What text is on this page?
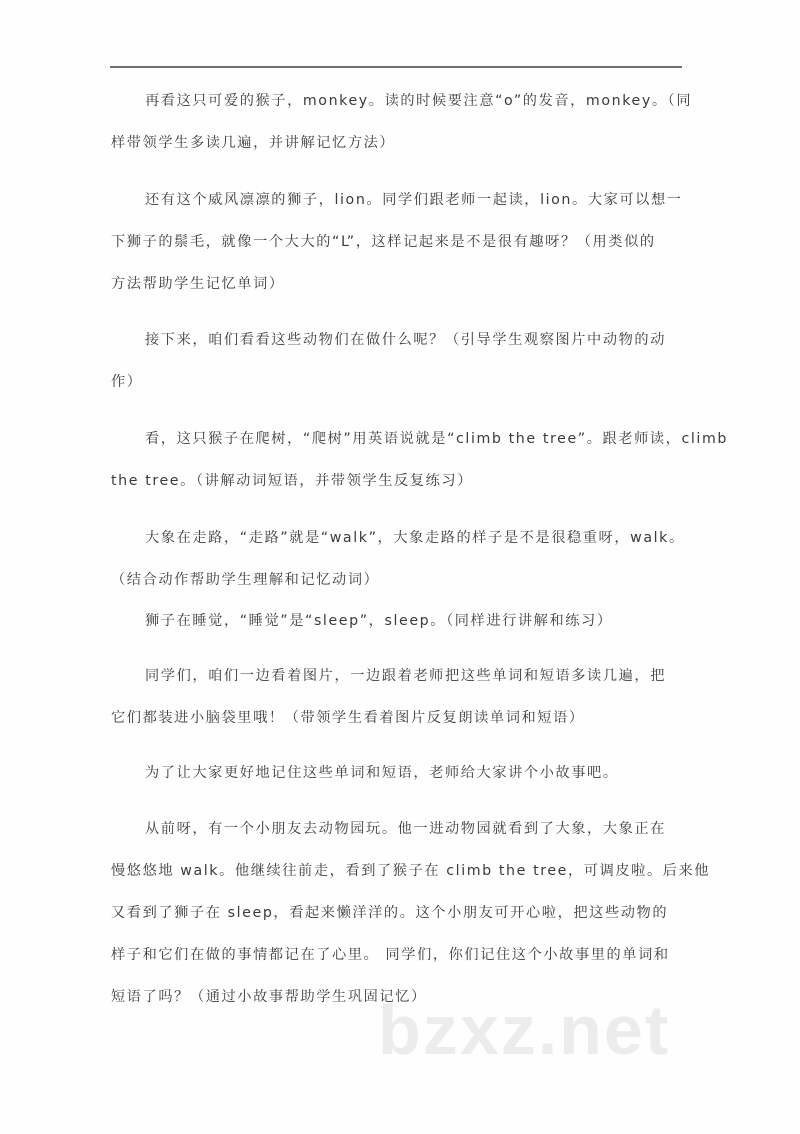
再看这只可爱的猴子，monkey。读的时候要注意“o”的发音，monkey。（同
样带领学生多读几遍，并讲解记忆方法）
还有这个威风凛凛的狮子，lion。同学们跟老师一起读，lion。大家可以想一
下狮子的鬃毛，就像一个大大的“L”，这样记起来是不是很有趣呀？（用类似的
方法帮助学生记忆单词）
接下来，咱们看看这些动物们在做什么呢？（引导学生观察图片中动物的动
作）
看，这只猴子在爬树，“爬树”用英语说就是“climb the tree”。跟老师读，climb
the tree。（讲解动词短语，并带领学生反复练习）
大象在走路，“走路”就是“walk”，大象走路的样子是不是很稳重呀，walk。
（结合动作帮助学生理解和记忆动词）
狮子在睡觉，“睡觉”是“sleep”，sleep。（同样进行讲解和练习）
同学们，咱们一边看着图片，一边跟着老师把这些单词和短语多读几遍，把
它们都装进小脑袋里哦！（带领学生看着图片反复朗读单词和短语）
为了让大家更好地记住这些单词和短语，老师给大家讲个小故事吧。
从前呀，有一个小朋友去动物园玩。他一进动物园就看到了大象，大象正在
慢悠悠地 walk。他继续往前走，看到了猴子在 climb the tree，可调皮啦。后来他
又看到了狮子在 sleep，看起来懒洋洋的。这个小朋友可开心啦，把这些动物的
样子和它们在做的事情都记在了心里。 同学们，你们记住这个小故事里的单词和
短语了吗？（通过小故事帮助学生巩固记忆）
bzxz.net
